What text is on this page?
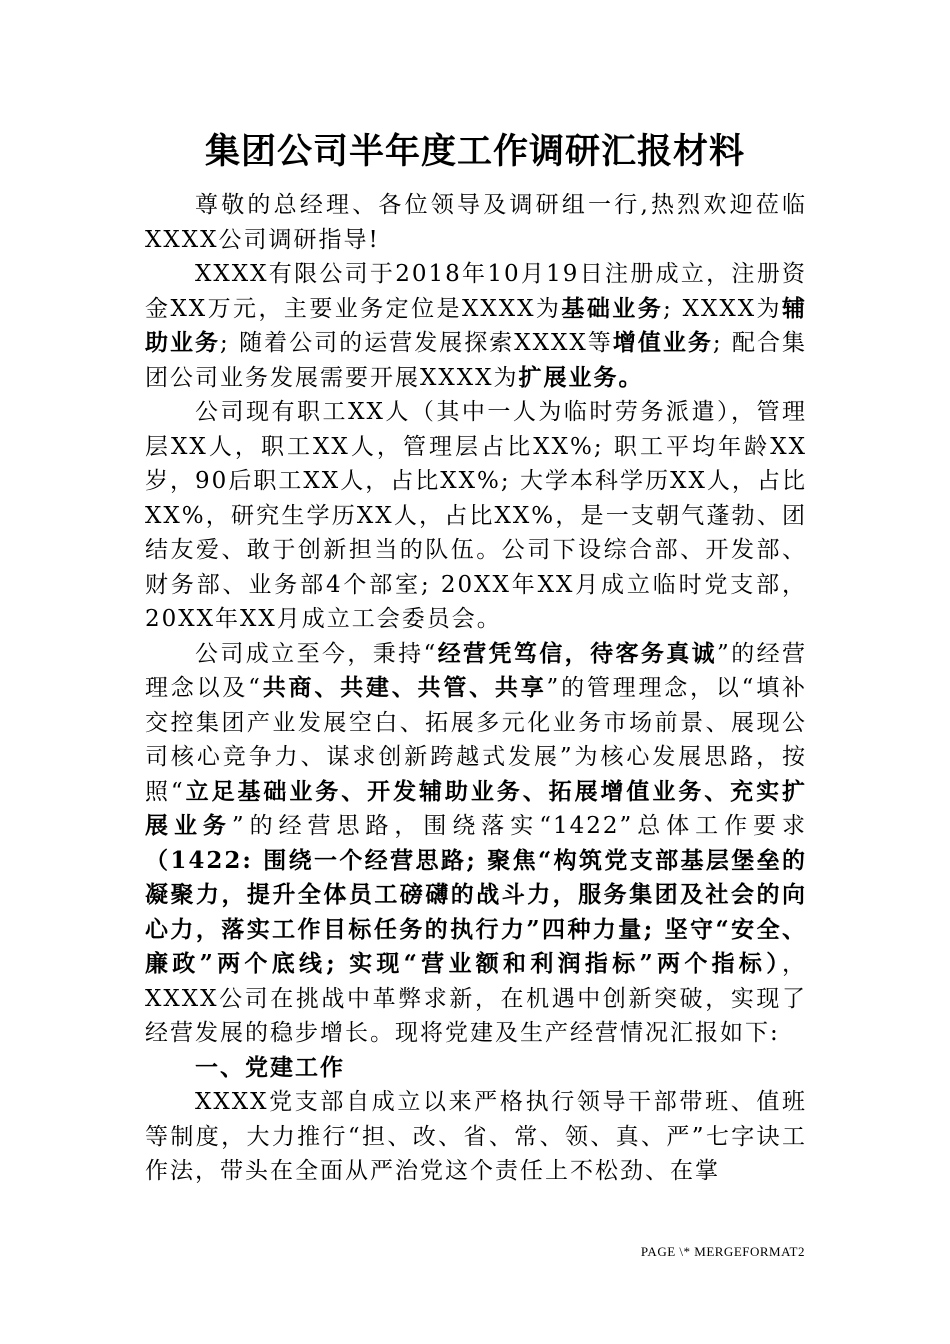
集团公司半年度工作调研汇报材料

尊敬的总经理、各位领导及调研组一行,热烈欢迎莅临XXXX公司调研指导!

XXXX有限公司于2018年10月19日注册成立，注册资金XX万元，主要业务定位是XXXX为基础业务; XXXX为辅助业务; 随着公司的运营发展探索XXXX等增值业务; 配合集团公司业务发展需要开展XXXX为扩展业务。

公司现有职工XX人（其中一人为临时劳务派遣），管理层XX人，职工XX人，管理层占比XX%; 职工平均年龄XX岁，90后职工XX人，占比XX%; 大学本科学历XX人，占比XX%，研究生学历XX人，占比XX%，是一支朝气蓬勃、团结友爱、敢于创新担当的队伍。公司下设综合部、开发部、财务部、业务部4个部室; 20XX年XX月成立临时党支部，20XX年XX月成立工会委员会。

公司成立至今，秉持“经营凭笃信，待客务真诚”的经营理念以及“共商、共建、共管、共享”的管理理念，以“填补交控集团产业发展空白、拓展多元化业务市场前景、展现公司核心竞争力、谋求创新跨越式发展”为核心发展思路，按照“立足基础业务、开发辅助业务、拓展增值业务、充实扩展业务”的经营思路，围绕落实“1422”总体工作要求（1422: 围绕一个经营思路; 聚焦“构筑党支部基层堡垒的凝聚力，提升全体员工磅礴的战斗力，服务集团及社会的向心力，落实工作目标任务的执行力”四种力量; 坚守“安全、廉政”两个底线; 实现“营业额和利润指标”两个指标），XXXX公司在挑战中革弊求新，在机遇中创新突破，实现了经营发展的稳步增长。现将党建及生产经营情况汇报如下:

一、党建工作

XXXX党支部自成立以来严格执行领导干部带班、值班等制度，大力推行“担、改、省、常、领、真、严”七字诀工作法，带头在全面从严治党这个责任上不松劲、在掌

PAGE \* MERGEFORMAT2
